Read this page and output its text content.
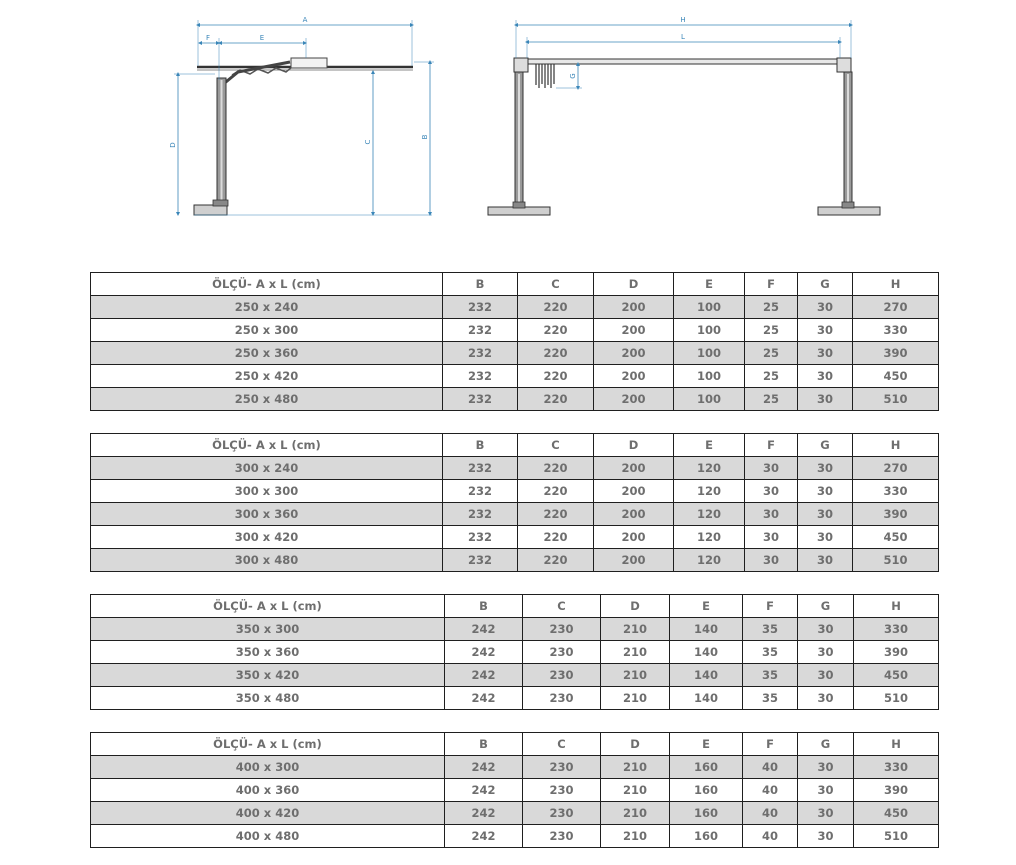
A
F	E
D
C
B
H
L
G
ÖLÇÜ- A x L (cm)	B	C	D	E	F	G	H
250 x 240	232	220	200	100	25	30	270
250 x 300	232	220	200	100	25	30	330
250 x 360	232	220	200	100	25	30	390
250 x 420	232	220	200	100	25	30	450
250 x 480	232	220	200	100	25	30	510
ÖLÇÜ- A x L (cm)	B	C	D	E	F	G	H
300 x 240	232	220	200	120	30	30	270
300 x 300	232	220	200	120	30	30	330
300 x 360	232	220	200	120	30	30	390
300 x 420	232	220	200	120	30	30	450
300 x 480	232	220	200	120	30	30	510
ÖLÇÜ- A x L (cm)	B	C	D	E	F	G	H
350 x 300	242	230	210	140	35	30	330
350 x 360	242	230	210	140	35	30	390
350 x 420	242	230	210	140	35	30	450
350 x 480	242	230	210	140	35	30	510
ÖLÇÜ- A x L (cm)	B	C	D	E	F	G	H
400 x 300	242	230	210	160	40	30	330
400 x 360	242	230	210	160	40	30	390
400 x 420	242	230	210	160	40	30	450
400 x 480	242	230	210	160	40	30	510
